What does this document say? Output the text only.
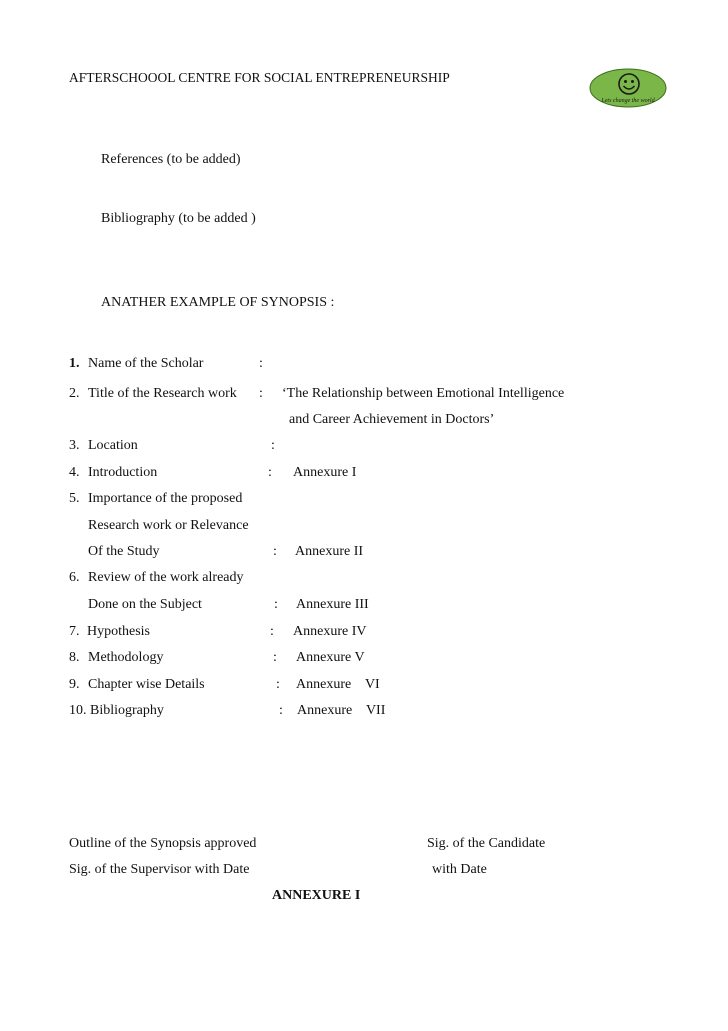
AFTERSCHOOOL CENTRE FOR SOCIAL ENTREPRENEURSHIP
Lets change the world
References (to be added)
Bibliography (to be added )
ANATHER EXAMPLE OF SYNOPSIS :
1. Name of the Scholar	:
2. Title of the Research work : ‘The Relationship between Emotional Intelligence
and Career Achievement in Doctors’
3. Location	:
4. Introduction	: Annexure I
5. Importance of the proposed
Research work or Relevance
Of the Study	: Annexure II
6. Review of the work already
Done on the Subject	: Annexure III
7. Hypothesis	: Annexure IV
8. Methodology	: Annexure V
9. Chapter wise Details	: Annexure    VI
10. Bibliography	: Annexure    VII
Outline of the Synopsis approved	Sig. of the Candidate
Sig. of the Supervisor with Date	with Date
ANNEXURE I
